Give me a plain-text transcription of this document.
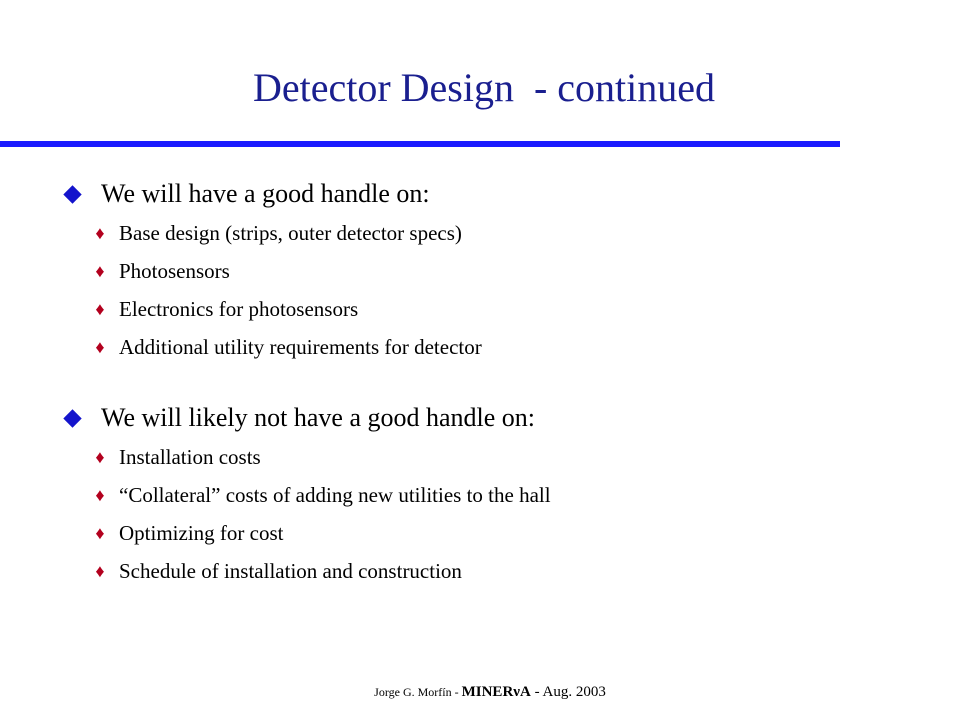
Detector Design  - continued
We will have a good handle on:
♦ Base design (strips, outer detector specs)
♦ Photosensors
♦ Electronics for photosensors
♦ Additional utility requirements for detector
We will likely not have a good handle on:
♦ Installation costs
♦ “Collateral” costs of adding new utilities to the hall
♦ Optimizing for cost
♦ Schedule of installation and construction
Jorge G. Morfín - MINERνA - Aug. 2003
